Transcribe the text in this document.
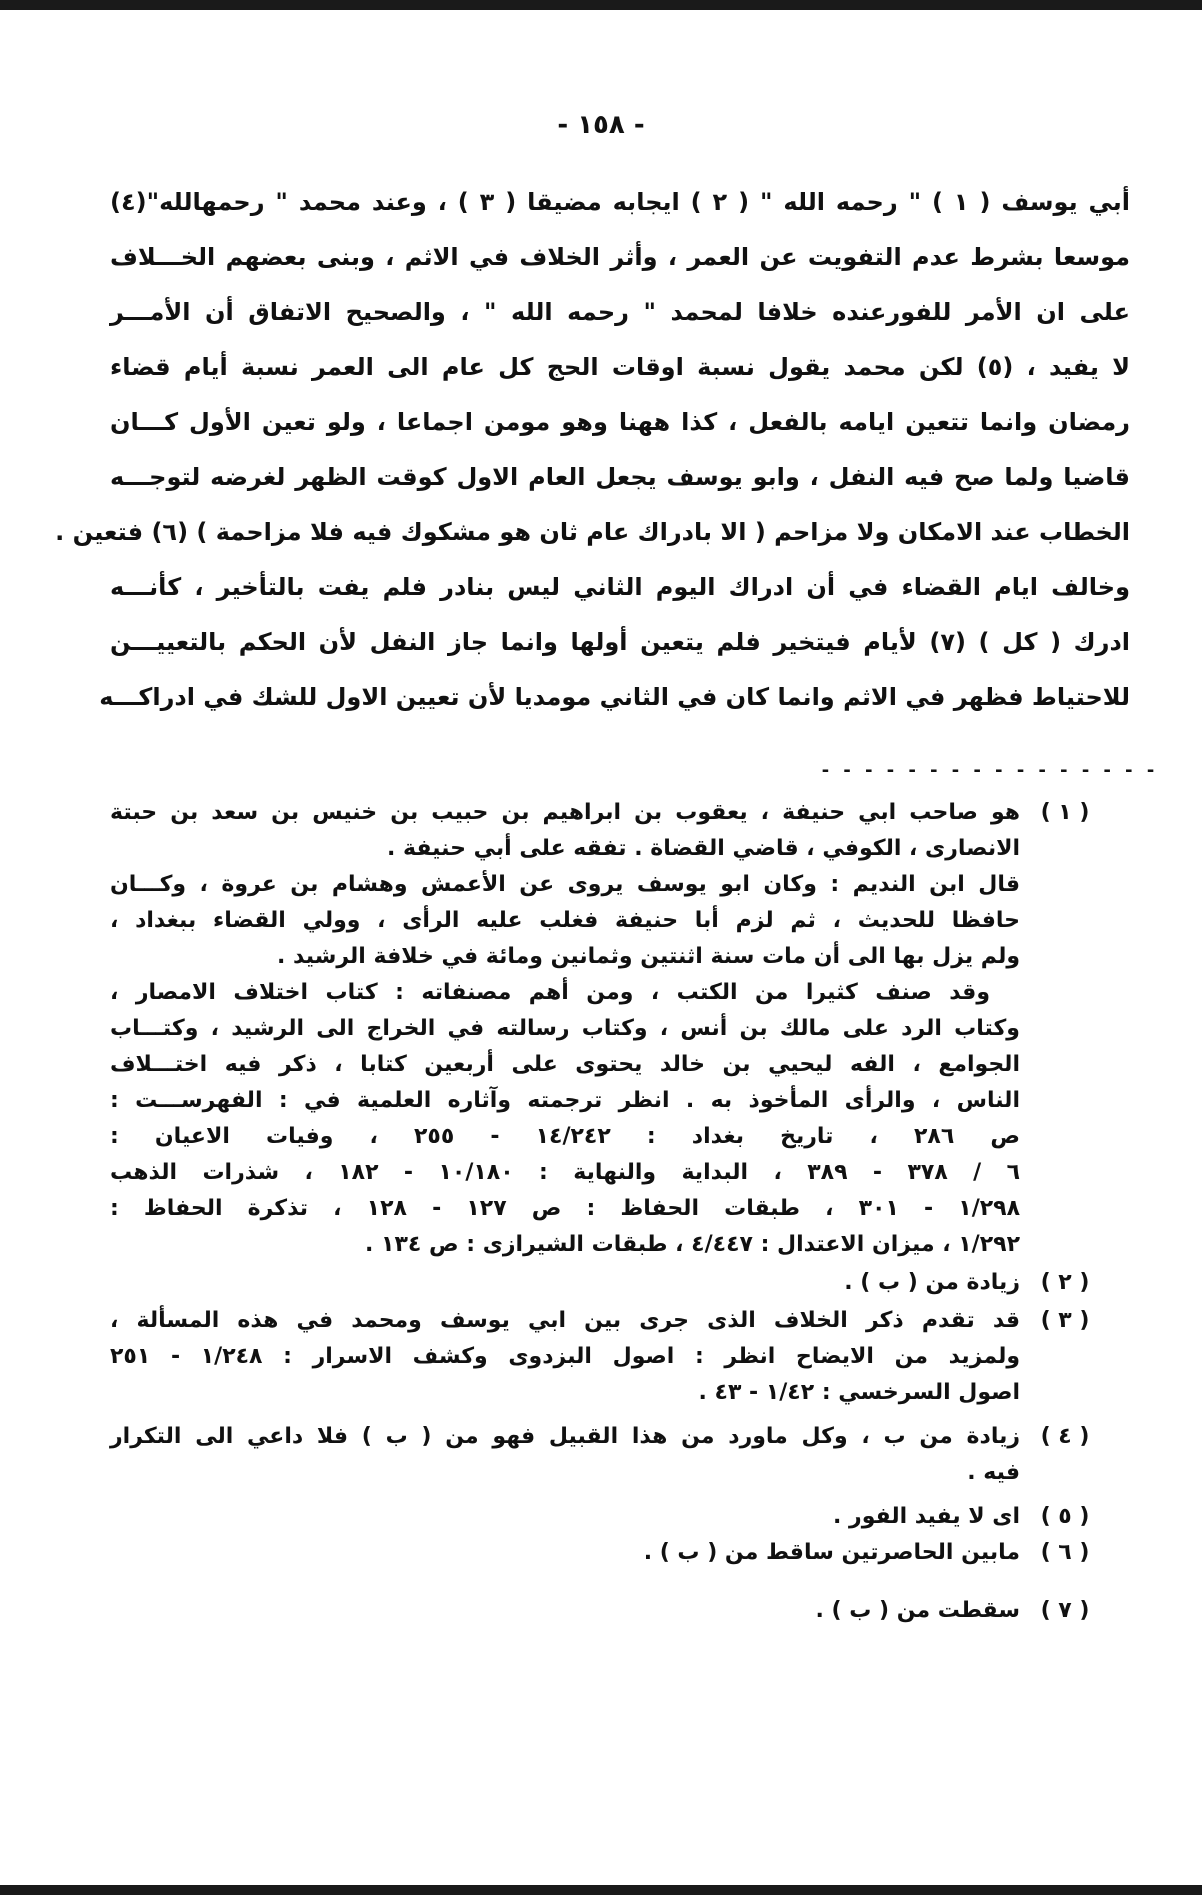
- ١٥٨ -
أبي يوسف ( ١ ) " رحمه الله " ( ٢ ) ايجابه مضيقا ( ٣ ) ، وعند محمد " رحمهالله"(٤)
موسعا بشرط عدم التفويت عن العمر ، وأثر الخلاف في الاثم ، وبنى بعضهم الخـــلاف
على ان الأمر للفورعنده خلافا لمحمد " رحمه الله " ، والصحيح الاتفاق أن الأمـــر
لا يفيد ، (٥) لكن محمد يقول نسبة اوقات الحج كل عام الى العمر نسبة أيام قضاء
رمضان وانما تتعين ايامه بالفعل ، كذا ههنا وهو مومن اجماعا ، ولو تعين الأول كـــان
قاضيا ولما صح فيه النفل ، وابو يوسف يجعل العام الاول كوقت الظهر لغرضه لتوجـــه
الخطاب عند الامكان ولا مزاحم ( الا بادراك عام ثان هو مشكوك فيه فلا مزاحمة ) (٦) فتعين .
وخالف ايام القضاء في أن ادراك اليوم الثاني ليس بنادر فلم يفت بالتأخير ، كأنـــه
ادرك ( كل ) (٧) لأيام فيتخير فلم يتعين أولها وانما جاز النفل لأن الحكم بالتعييـــن
للاحتياط فظهر في الاثم وانما كان في الثاني مومديا لأن تعيين الاول للشك في ادراكـــه
- - - - - - - - - - - - - - - -
( ١ )
هو صاحب ابي حنيفة ، يعقوب بن ابراهيم بن حبيب بن خنيس بن سعد بن حبتة
الانصارى ، الكوفي ، قاضي القضاة . تفقه على أبي حنيفة .
قال ابن النديم : وكان ابو يوسف يروى عن الأعمش وهشام بن عروة ، وكـــان
حافظا للحديث ، ثم لزم أبا حنيفة فغلب عليه الرأى ، وولي القضاء ببغداد ،
ولم يزل بها الى أن مات سنة اثنتين وثمانين ومائة في خلافة الرشيد .
وقد صنف كثيرا من الكتب ، ومن أهم مصنفاته : كتاب اختلاف الامصار ،
وكتاب الرد على مالك بن أنس ، وكتاب رسالته في الخراج الى الرشيد ، وكتـــاب
الجوامع ، الفه ليحيي بن خالد يحتوى على أربعين كتابا ، ذكر فيه اختـــلاف
الناس ، والرأى المأخوذ به . انظر ترجمته وآثاره العلمية في : الفهرســـت :
ص ٢٨٦ ، تاريخ بغداد : ١٤/٢٤٢ - ٢٥٥ ، وفيات الاعيان :
٦ / ٣٧٨ - ٣٨٩ ، البداية والنهاية : ١٠/١٨٠ - ١٨٢ ، شذرات الذهب
١/٢٩٨ - ٣٠١ ، طبقات الحفاظ : ص ١٢٧ - ١٢٨ ، تذكرة الحفاظ :
١/٢٩٢ ، ميزان الاعتدال : ٤/٤٤٧ ، طبقات الشيرازى : ص ١٣٤ .
( ٢ )
زيادة من ( ب ) .
( ٣ )
قد تقدم ذكر الخلاف الذى جرى بين ابي يوسف ومحمد في هذه المسألة ،
ولمزيد من الايضاح انظر : اصول البزدوى وكشف الاسرار : ١/٢٤٨ - ٢٥١
اصول السرخسي : ١/٤٢ - ٤٣ .
( ٤ )
زيادة من ب ، وكل ماورد من هذا القبيل فهو من ( ب ) فلا داعي الى التكرار
فيه .
( ٥ )
اى لا يفيد الفور .
( ٦ )
مابين الحاصرتين ساقط من ( ب ) .
( ٧ )
سقطت من ( ب ) .
